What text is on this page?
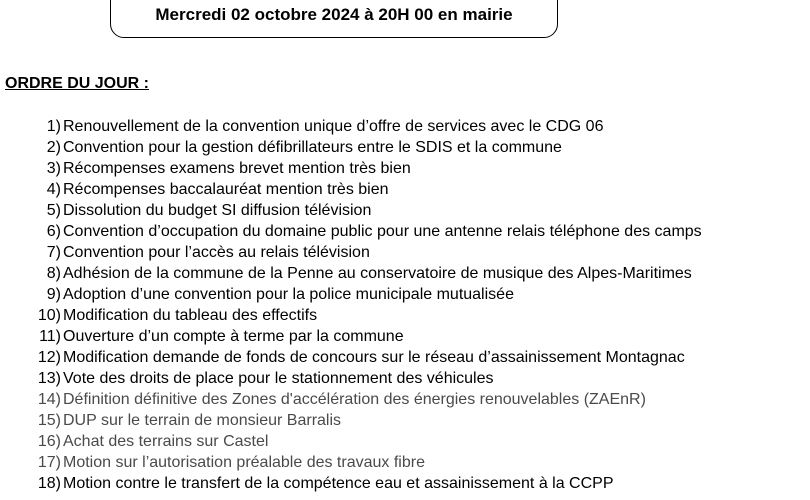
Mercredi 02 octobre 2024 à 20H 00 en mairie
ORDRE DU JOUR :
1) Renouvellement de la convention unique d’offre de services avec le CDG 06
2) Convention pour la gestion défibrillateurs entre le SDIS et la commune
3) Récompenses examens brevet mention très bien
4) Récompenses baccalauréat mention très bien
5) Dissolution du budget SI diffusion télévision
6) Convention d’occupation du domaine public pour une antenne relais téléphone des camps
7) Convention pour l’accès au relais télévision
8) Adhésion de la commune de la Penne au conservatoire de musique des Alpes-Maritimes
9) Adoption d’une convention pour la police municipale mutualisée
10) Modification du tableau des effectifs
11) Ouverture d’un compte à terme par la commune
12) Modification demande de fonds de concours sur le réseau d’assainissement Montagnac
13) Vote des droits de place pour le stationnement des véhicules
14) Définition définitive des Zones d'accélération des énergies renouvelables (ZAEnR)
15) DUP sur le terrain de monsieur Barralis
16) Achat des terrains sur Castel
17) Motion sur l’autorisation préalable des travaux fibre
18) Motion contre le transfert de la compétence eau et assainissement à la CCPP
